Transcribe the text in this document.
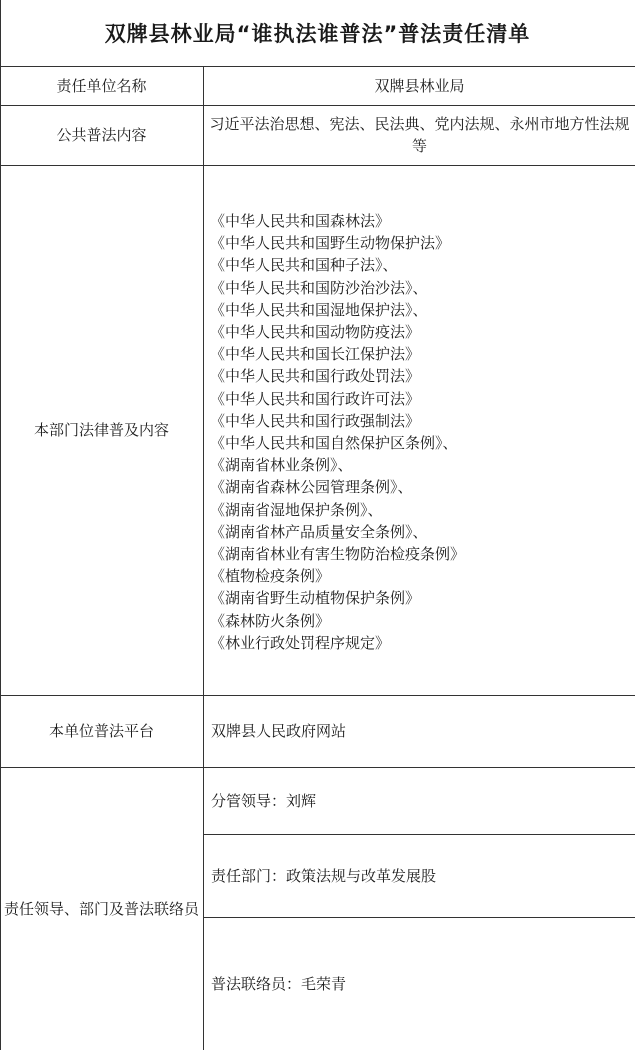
双牌县林业局“谁执法谁普法”普法责任清单
责任单位名称	双牌县林业局
公共普法内容
习近平法治思想、宪法、民法典、党内法规、永州市地方性法规等
本部门法律普及内容
《中华人民共和国森林法》
《中华人民共和国野生动物保护法》
《中华人民共和国种子法》、
《中华人民共和国防沙治沙法》、
《中华人民共和国湿地保护法》、
《中华人民共和国动物防疫法》
《中华人民共和国长江保护法》
《中华人民共和国行政处罚法》
《中华人民共和国行政许可法》
《中华人民共和国行政强制法》
《中华人民共和国自然保护区条例》、
《湖南省林业条例》、
《湖南省森林公园管理条例》、
《湖南省湿地保护条例》、
《湖南省林产品质量安全条例》、
《湖南省林业有害生物防治检疫条例》
《植物检疫条例》
《湖南省野生动植物保护条例》
《森林防火条例》
《林业行政处罚程序规定》
本单位普法平台	双牌县人民政府网站
责任领导、部门及普法联络员
分管领导：刘辉
责任部门：政策法规与改革发展股
普法联络员：毛荣青
